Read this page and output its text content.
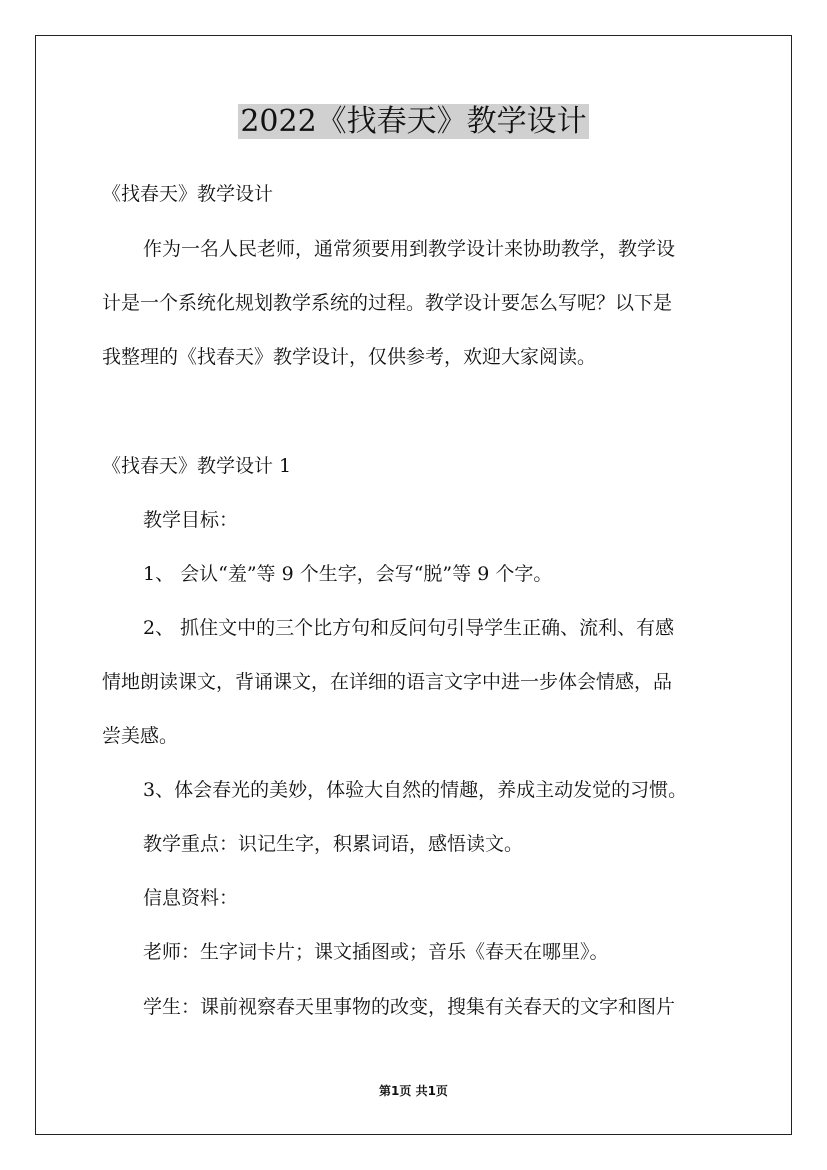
2022《找春天》教学设计
《找春天》教学设计
作为一名人民老师，通常须要用到教学设计来协助教学，教学设
计是一个系统化规划教学系统的过程。教学设计要怎么写呢？以下是
我整理的《找春天》教学设计，仅供参考，欢迎大家阅读。
《找春天》教学设计 1
教学目标：
1、 会认“羞”等 9 个生字，会写“脱”等 9 个字。
2、 抓住文中的三个比方句和反问句引导学生正确、流利、有感
情地朗读课文，背诵课文，在详细的语言文字中进一步体会情感，品
尝美感。
3、体会春光的美妙，体验大自然的情趣，养成主动发觉的习惯。
教学重点：识记生字，积累词语，感悟读文。
信息资料：
老师：生字词卡片；课文插图或；音乐《春天在哪里》。
学生：课前视察春天里事物的改变，搜集有关春天的文字和图片
第1页 共1页
